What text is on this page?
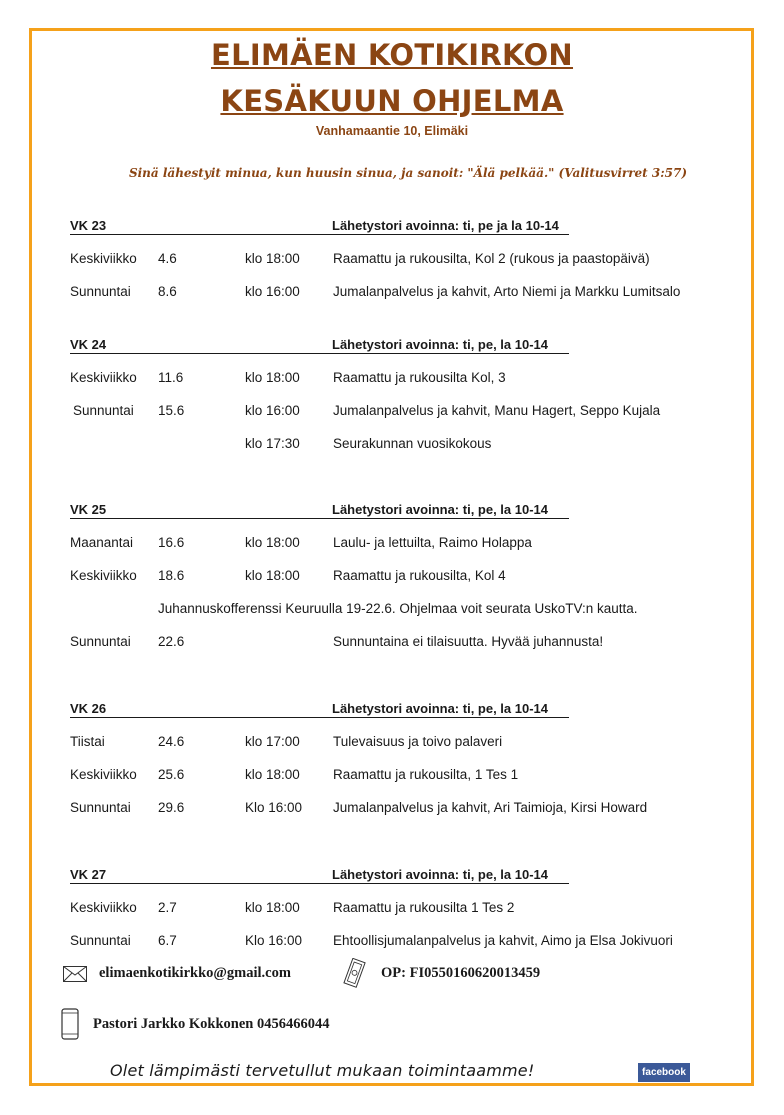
ELIMÄEN KOTIKIRKON
KESÄKUUN OHJELMA
Vanhamaantie 10, Elimäki
Sinä lähestyit minua, kun huusin sinua, ja sanoit: "Älä pelkää." (Valitusvirret 3:57)
VK 23	Lähetystori avoinna: ti, pe ja la 10-14
Keskiviikko 4.6	klo 18:00 Raamattu ja rukousilta, Kol 2 (rukous ja paastopäivä)
Sunnuntai 8.6	klo 16:00 Jumalanpalvelus ja kahvit, Arto Niemi ja Markku Lumitsalo
VK 24	Lähetystori avoinna: ti, pe, la 10-14
Keskiviikko 11.6	klo 18:00 Raamattu ja rukousilta Kol, 3
Sunnuntai 15.6	klo 16:00 Jumalanpalvelus ja kahvit, Manu Hagert, Seppo Kujala
klo 17:30 Seurakunnan vuosikokous
VK 25	Lähetystori avoinna: ti, pe, la 10-14
Maanantai 16.6	klo 18:00 Laulu- ja lettuilta, Raimo Holappa
Keskiviikko 18.6	klo 18:00 Raamattu ja rukousilta, Kol 4
Juhannuskofferenssi Keuruulla 19-22.6. Ohjelmaa voit seurata UskoTV:n kautta.
Sunnuntai 22.6	Sunnuntaina ei tilaisuutta. Hyvää juhannusta!
VK 26	Lähetystori avoinna: ti, pe, la 10-14
Tiistai	24.6	klo 17:00 Tulevaisuus ja toivo palaveri
Keskiviikko 25.6	klo 18:00 Raamattu ja rukousilta, 1 Tes 1
Sunnuntai 29.6	Klo 16:00 Jumalanpalvelus ja kahvit, Ari Taimioja, Kirsi Howard
VK 27	Lähetystori avoinna: ti, pe, la 10-14
Keskiviikko 2.7	klo 18:00 Raamattu ja rukousilta 1 Tes 2
Sunnuntai 6.7	Klo 16:00 Ehtoollisjumalanpalvelus ja kahvit, Aimo ja Elsa Jokivuori
elimaenkotikirkko@gmail.com	OP: FI0550160620013459
Pastori Jarkko Kokkonen 0456466044
Olet lämpimästi tervetullut mukaan toimintaamme!	facebook
